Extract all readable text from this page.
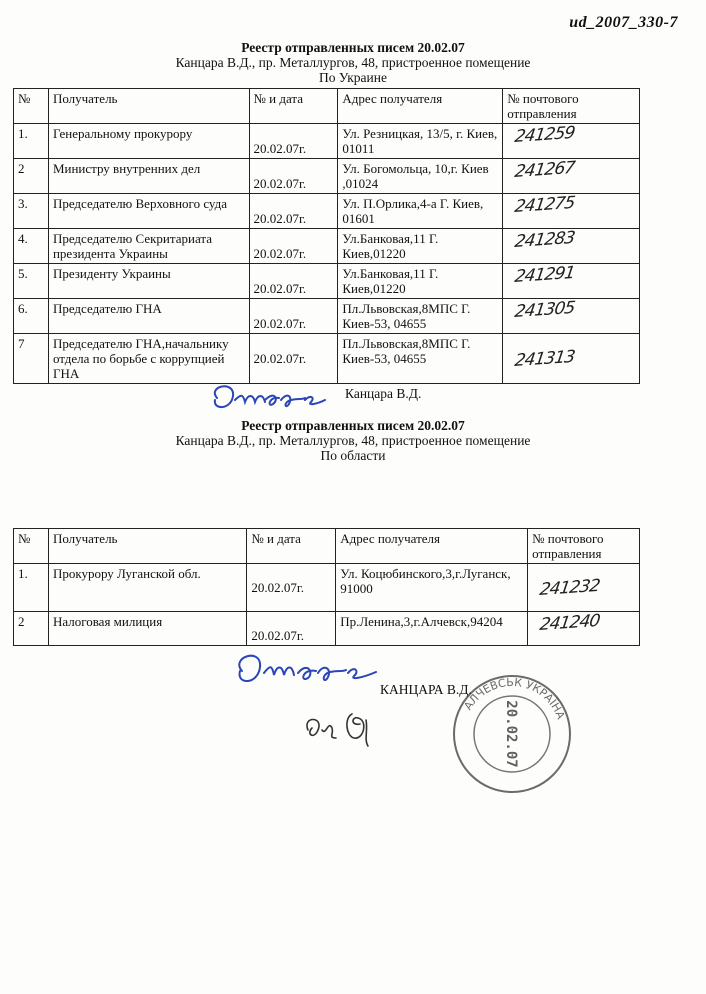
ud_2007_330-7
Реестр отправленных писем 20.02.07
Канцара В.Д., пр. Металлургов, 48, пристроенное помещение
По Украине
№	Получатель	№ и дата	Адрес получателя	№ почтового отправления
1.	Генеральному прокурору	20.02.07г.	Ул. Резницкая, 13/5, г. Киев, 01011	241259
2	Министру внутренних дел	20.02.07г.	Ул. Богомольца, 10,г. Киев ,01024	241267
3.	Председателю Верховного суда	20.02.07г.	Ул. П.Орлика,4-а Г. Киев, 01601	241275
4.	Председателю Секритариата президента Украины	20.02.07г.	Ул.Банковая,11 Г. Киев,01220	241283
5.	Президенту Украины	20.02.07г.	Ул.Банковая,11 Г. Киев,01220	241291
6.	Председателю ГНА	20.02.07г.	Пл.Львовская,8МПС Г. Киев-53, 04655	241305
7	Председателю ГНА,начальнику отдела по борьбе с коррупцией ГНА	20.02.07г.	Пл.Львовская,8МПС Г. Киев-53, 04655	241313
Канцара В.Д.
Реестр отправленных писем 20.02.07
Канцара В.Д., пр. Металлургов, 48, пристроенное помещение
По области
№	Получатель	№ и дата	Адрес получателя	№ почтового отправления
1.	Прокурору Луганской обл.	20.02.07г.	Ул. Коцюбинского,3,г.Луганск, 91000	241232
2	Налоговая милиция	20.02.07г.	Пр.Ленина,3,г.Алчевск,94204	241240
КАНЦАРА В.Д.
АЛЧЕВСЬК УКРАЇНА
20.02.07
